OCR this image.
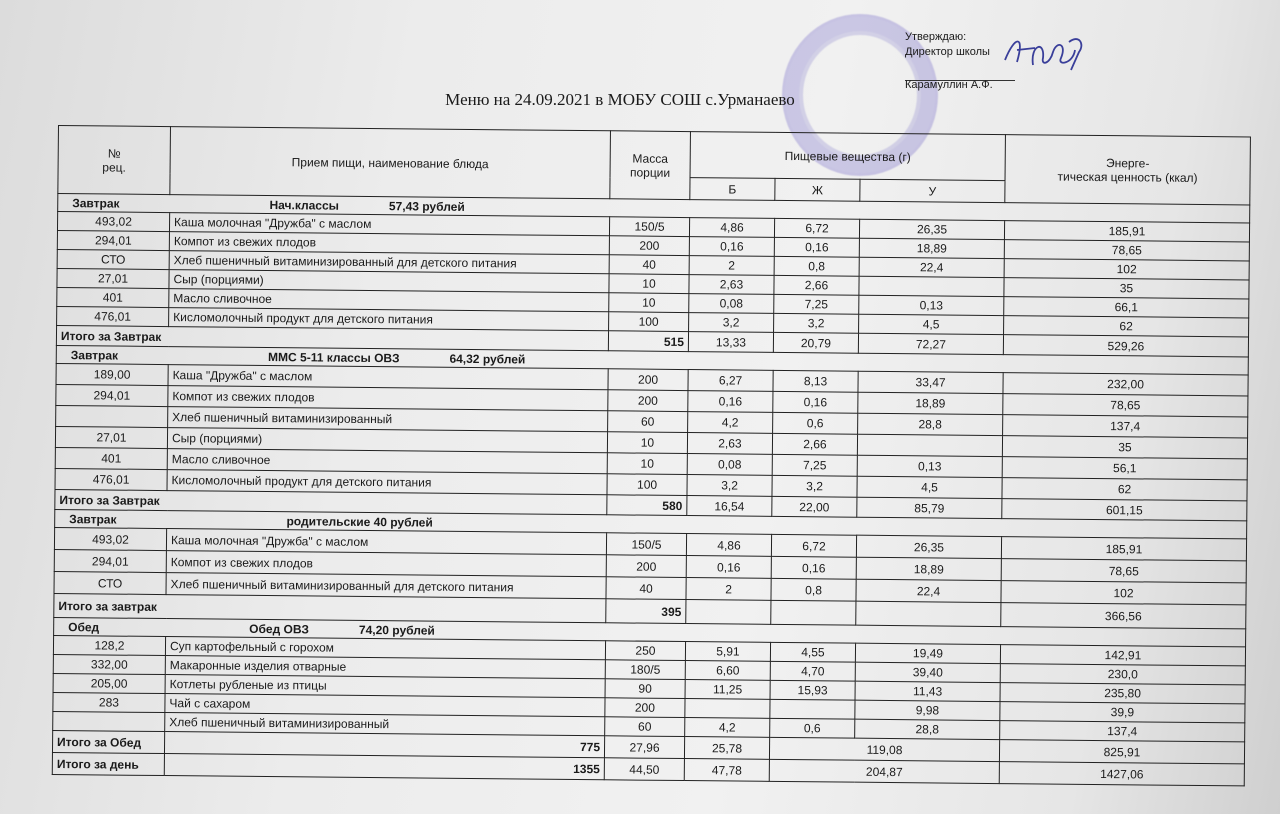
Утверждаю:
Директор школы
Карамуллин А.Ф.
Меню на 24.09.2021 в МОБУ СОШ с.Урманаево
№
рец.	Прием пищи, наименование блюда	Масса
порции	Пищевые вещества (г)			Энерге-
тическая ценность (ккал)
			Б	Ж	У	
Завтрак Нач.классы 57,43 рублей						
493,02	Каша молочная "Дружба" с маслом	150/5	4,86	6,72	26,35	185,91
294,01	Компот из свежих плодов	200	0,16	0,16	18,89	78,65
СТО	Хлеб пшеничный витаминизированный для детского питания	40	2	0,8	22,4	102
27,01	Сыр (порциями)	10	2,63	2,66		35
401	Масло сливочное	10	0,08	7,25	0,13	66,1
476,01	Кисломолочный продукт для детского питания	100	3,2	3,2	4,5	62
Итого за Завтрак		515	13,33	20,79	72,27	529,26
Завтрак ММС 5-11 классы ОВЗ 64,32 рублей						
189,00	Каша "Дружба" с маслом	200	6,27	8,13	33,47	232,00
294,01	Компот из свежих плодов	200	0,16	0,16	18,89	78,65
	Хлеб пшеничный витаминизированный	60	4,2	0,6	28,8	137,4
27,01	Сыр (порциями)	10	2,63	2,66		35
401	Масло сливочное	10	0,08	7,25	0,13	56,1
476,01	Кисломолочный продукт для детского питания	100	3,2	3,2	4,5	62
Итого за Завтрак		580	16,54	22,00	85,79	601,15
Завтрак родительские 40 рублей						
493,02	Каша молочная "Дружба" с маслом	150/5	4,86	6,72	26,35	185,91
294,01	Компот из свежих плодов	200	0,16	0,16	18,89	78,65
СТО	Хлеб пшеничный витаминизированный для детского питания	40	2	0,8	22,4	102
Итого за завтрак		395				366,56
Обед Обед ОВЗ 74,20 рублей						
128,2	Суп картофельный с горохом	250	5,91	4,55	19,49	142,91
332,00	Макаронные изделия отварные	180/5	6,60	4,70	39,40	230,0
205,00	Котлеты рубленые из птицы	90	11,25	15,93	11,43	235,80
283	Чай с сахаром	200			9,98	39,9
	Хлеб пшеничный витаминизированный	60	4,2	0,6	28,8	137,4
Итого за Обед	775	27,96	25,78	119,08		825,91
Итого за день	1355	44,50	47,78	204,87		1427,06
